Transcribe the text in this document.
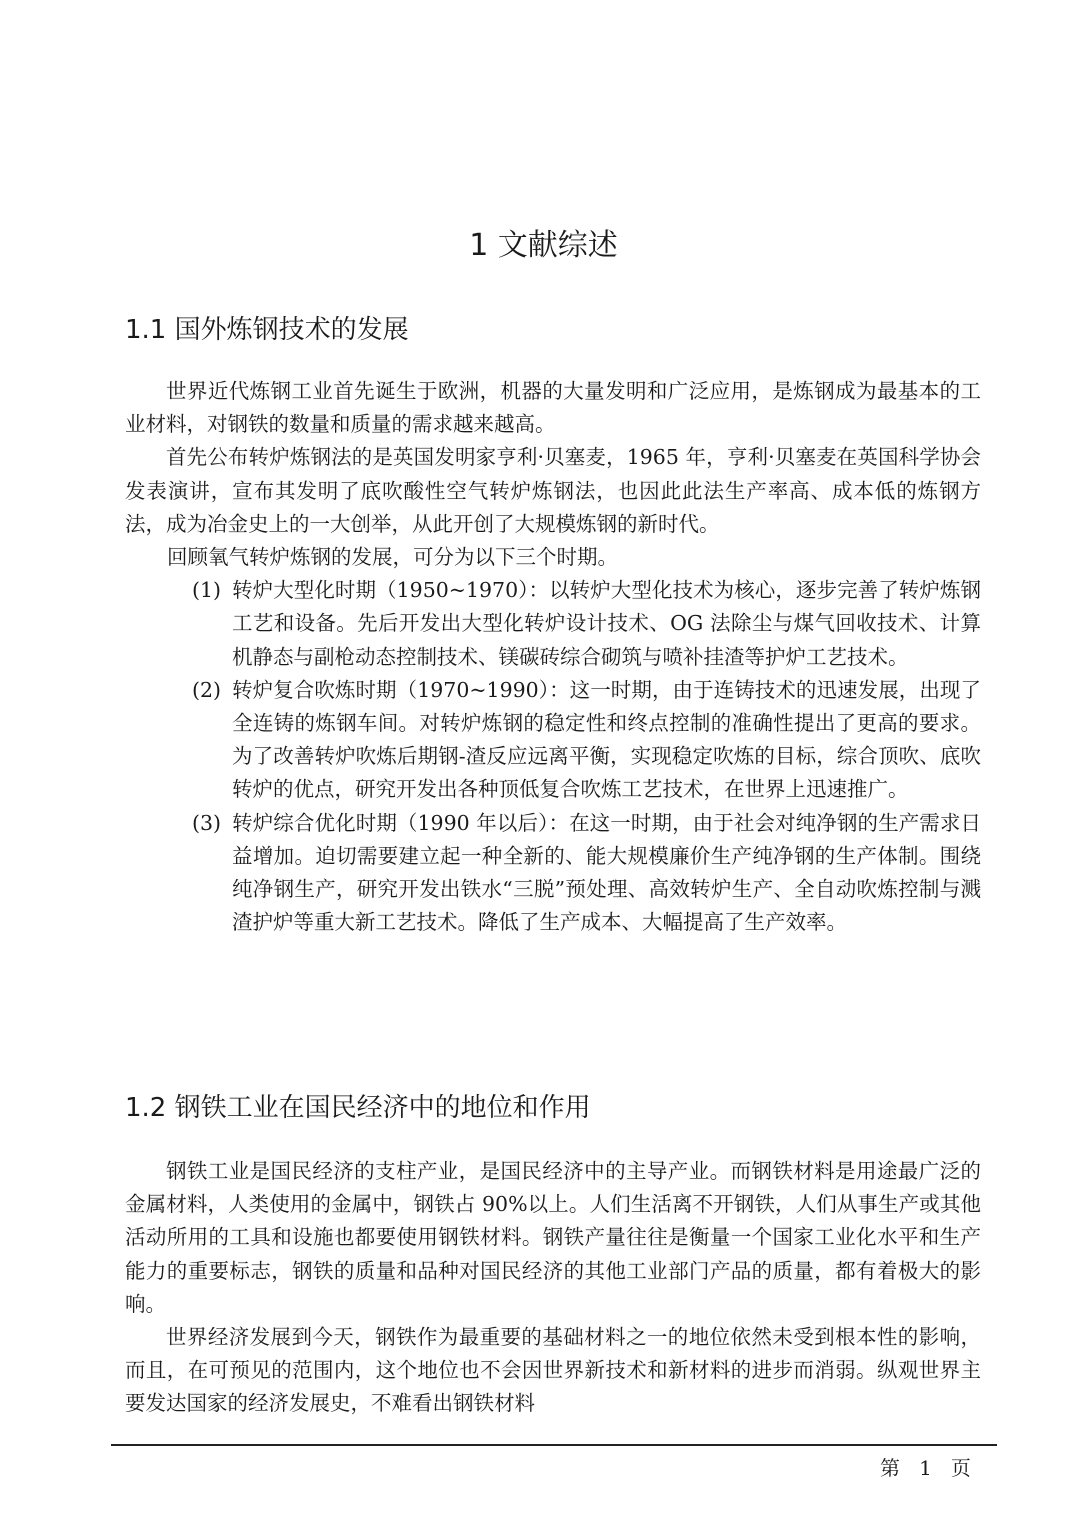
1 文献综述
1.1 国外炼钢技术的发展

世界近代炼钢工业首先诞生于欧洲，机器的大量发明和广泛应用，是炼钢成为最基本的工业材料，对钢铁的数量和质量的需求越来越高。

首先公布转炉炼钢法的是英国发明家亨利·贝塞麦，1965 年，亨利·贝塞麦在英国科学协会发表演讲，宣布其发明了底吹酸性空气转炉炼钢法，也因此此法生产率高、成本低的炼钢方法，成为冶金史上的一大创举，从此开创了大规模炼钢的新时代。

回顾氧气转炉炼钢的发展，可分为以下三个时期。

(1) 转炉大型化时期（1950~1970）：以转炉大型化技术为核心，逐步完善了转炉炼钢工艺和设备。先后开发出大型化转炉设计技术、OG 法除尘与煤气回收技术、计算机静态与副枪动态控制技术、镁碳砖综合砌筑与喷补挂渣等护炉工艺技术。
(2) 转炉复合吹炼时期（1970~1990）：这一时期，由于连铸技术的迅速发展，出现了全连铸的炼钢车间。对转炉炼钢的稳定性和终点控制的准确性提出了更高的要求。为了改善转炉吹炼后期钢-渣反应远离平衡，实现稳定吹炼的目标，综合顶吹、底吹转炉的优点，研究开发出各种顶低复合吹炼工艺技术，在世界上迅速推广。
(3) 转炉综合优化时期（1990 年以后）：在这一时期，由于社会对纯净钢的生产需求日益增加。迫切需要建立起一种全新的、能大规模廉价生产纯净钢的生产体制。围绕纯净钢生产，研究开发出铁水“三脱”预处理、高效转炉生产、全自动吹炼控制与溅渣护炉等重大新工艺技术。降低了生产成本、大幅提高了生产效率。
1.2 钢铁工业在国民经济中的地位和作用

钢铁工业是国民经济的支柱产业，是国民经济中的主导产业。而钢铁材料是用途最广泛的金属材料，人类使用的金属中，钢铁占 90%以上。人们生活离不开钢铁，人们从事生产或其他活动所用的工具和设施也都要使用钢铁材料。钢铁产量往往是衡量一个国家工业化水平和生产能力的重要标志，钢铁的质量和品种对国民经济的其他工业部门产品的质量，都有着极大的影响。

世界经济发展到今天，钢铁作为最重要的基础材料之一的地位依然未受到根本性的影响，而且，在可预见的范围内，这个地位也不会因世界新技术和新材料的进步而消弱。纵观世界主要发达国家的经济发展史，不难看出钢铁材料

第   1   页
